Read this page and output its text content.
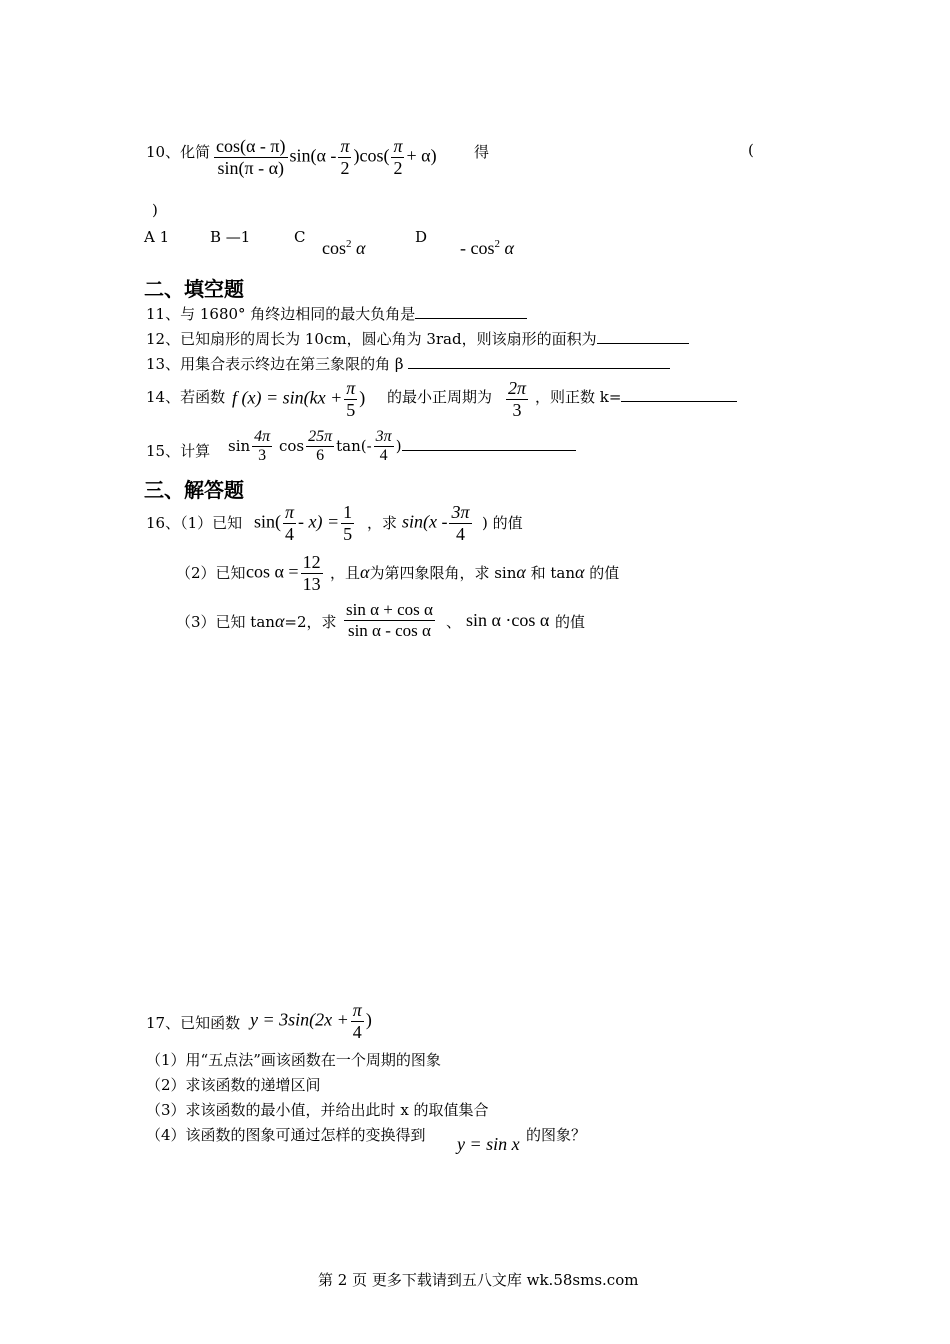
10、化简 $\frac{\cos(\alpha - \pi)}{\sin(\pi - \alpha)} \sin(\alpha - \frac{\pi}{2} )\cos( \frac{\pi}{2} + \alpha)$ 得	(
)
A 1	B —1	C
$\cos^2 \alpha$
D
- $\cos^2 \alpha$
二、填空题
11、与 1680° 角终边相同的最大负角是
12、已知扇形的周长为 10cm，圆心角为 3rad，则该扇形的面积为
13、用集合表示终边在第三象限的角 β
14、若函数 f $(x) = \sin(kx + \frac{\pi}{5}$ ) 的最小正周期为 $\frac{2\pi}{3}$ ，则正数 k=
15、计算 $\sin \frac{4\pi}{3}$ $\cos \frac{25\pi}{6} \tan(- \frac{3\pi}{4}$ )
三、解答题
16、（1）已知 $\sin( \frac{\pi}{4} - x) = \frac{1}{5}$ ，求 $\sin(x - \frac{3\pi}{4}$ ) 的值
（2）已知 $\cos \alpha = \frac{12}{13}$ ，且α为第四象限角，求 sinα 和 tanα 的值
（3）已知 tanα=2，求 $\frac{\text{sin α + cos α}}{\text{sin α - cos α}}$ 、 sin α ·cos α 的值
17、已知函数 $y = 3\sin(2x + \frac{\pi}{4}$ )
（1）用“五点法”画该函数在一个周期的图象
（2）求该函数的递增区间
（3）求该函数的最小值，并给出此时 x 的取值集合
（4）该函数的图象可通过怎样的变换得到 y = sin x 的图象？
第 2 页 更多下载请到五八文库 wk.58sms.com
